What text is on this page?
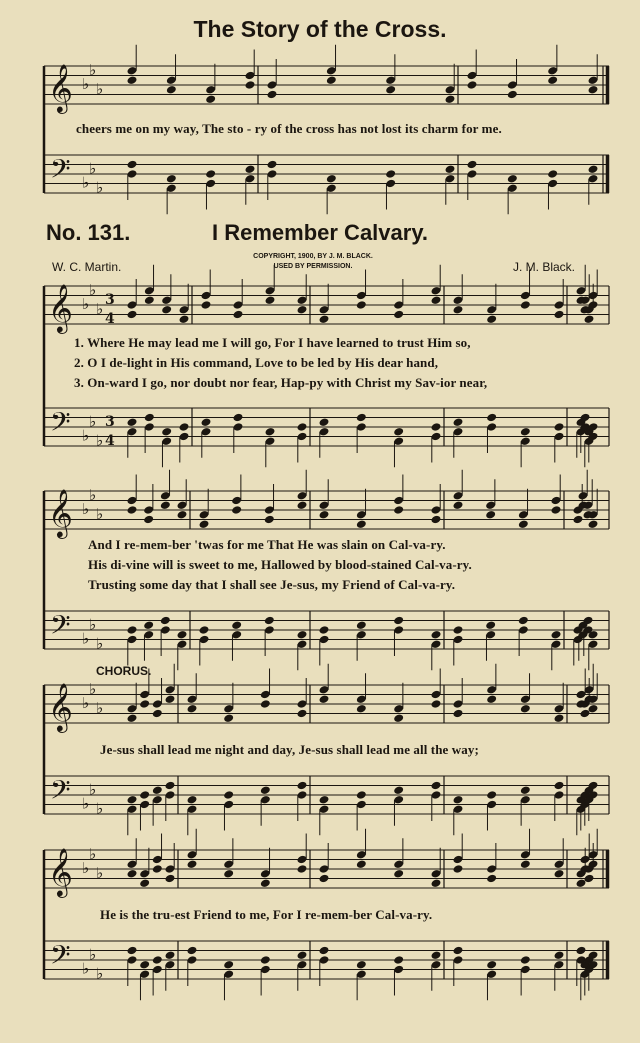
The Story of the Cross.
𝄞
𝄢
♭
♭
♭
♭
♭
♭
𝄞
𝄢
♭
♭
♭
♭
♭
♭
3
4
3
4
𝄞
𝄢
♭
♭
♭
♭
♭
♭
𝄞
𝄢
♭
♭
♭
♭
♭
♭
𝄞
𝄢
♭
♭
♭
♭
♭
♭
cheers me on my way, The sto - ry of the cross has not lost its charm for me.
No. 131.	I Remember Calvary.
W. C. Martin.
COPYRIGHT, 1900, BY J. M. BLACK.
USED BY PERMISSION.	J. M. Black.
1. Where He may lead me I will go, For I have learned to trust Him so,
2. O I de-light in His command, Love to be led by His dear hand,
3. On-ward I go, nor doubt nor fear, Hap-py with Christ my Sav-ior near,
And I re-mem-ber 'twas for me That He was slain on Cal-va-ry.
His di-vine will is sweet to me, Hallowed by blood-stained Cal-va-ry.
Trusting some day that I shall see Je-sus, my Friend of Cal-va-ry.
CHORUS.
Je-sus shall lead me night and day, Je-sus shall lead me all the way;
He is the tru-est Friend to me, For I re-mem-ber Cal-va-ry.
